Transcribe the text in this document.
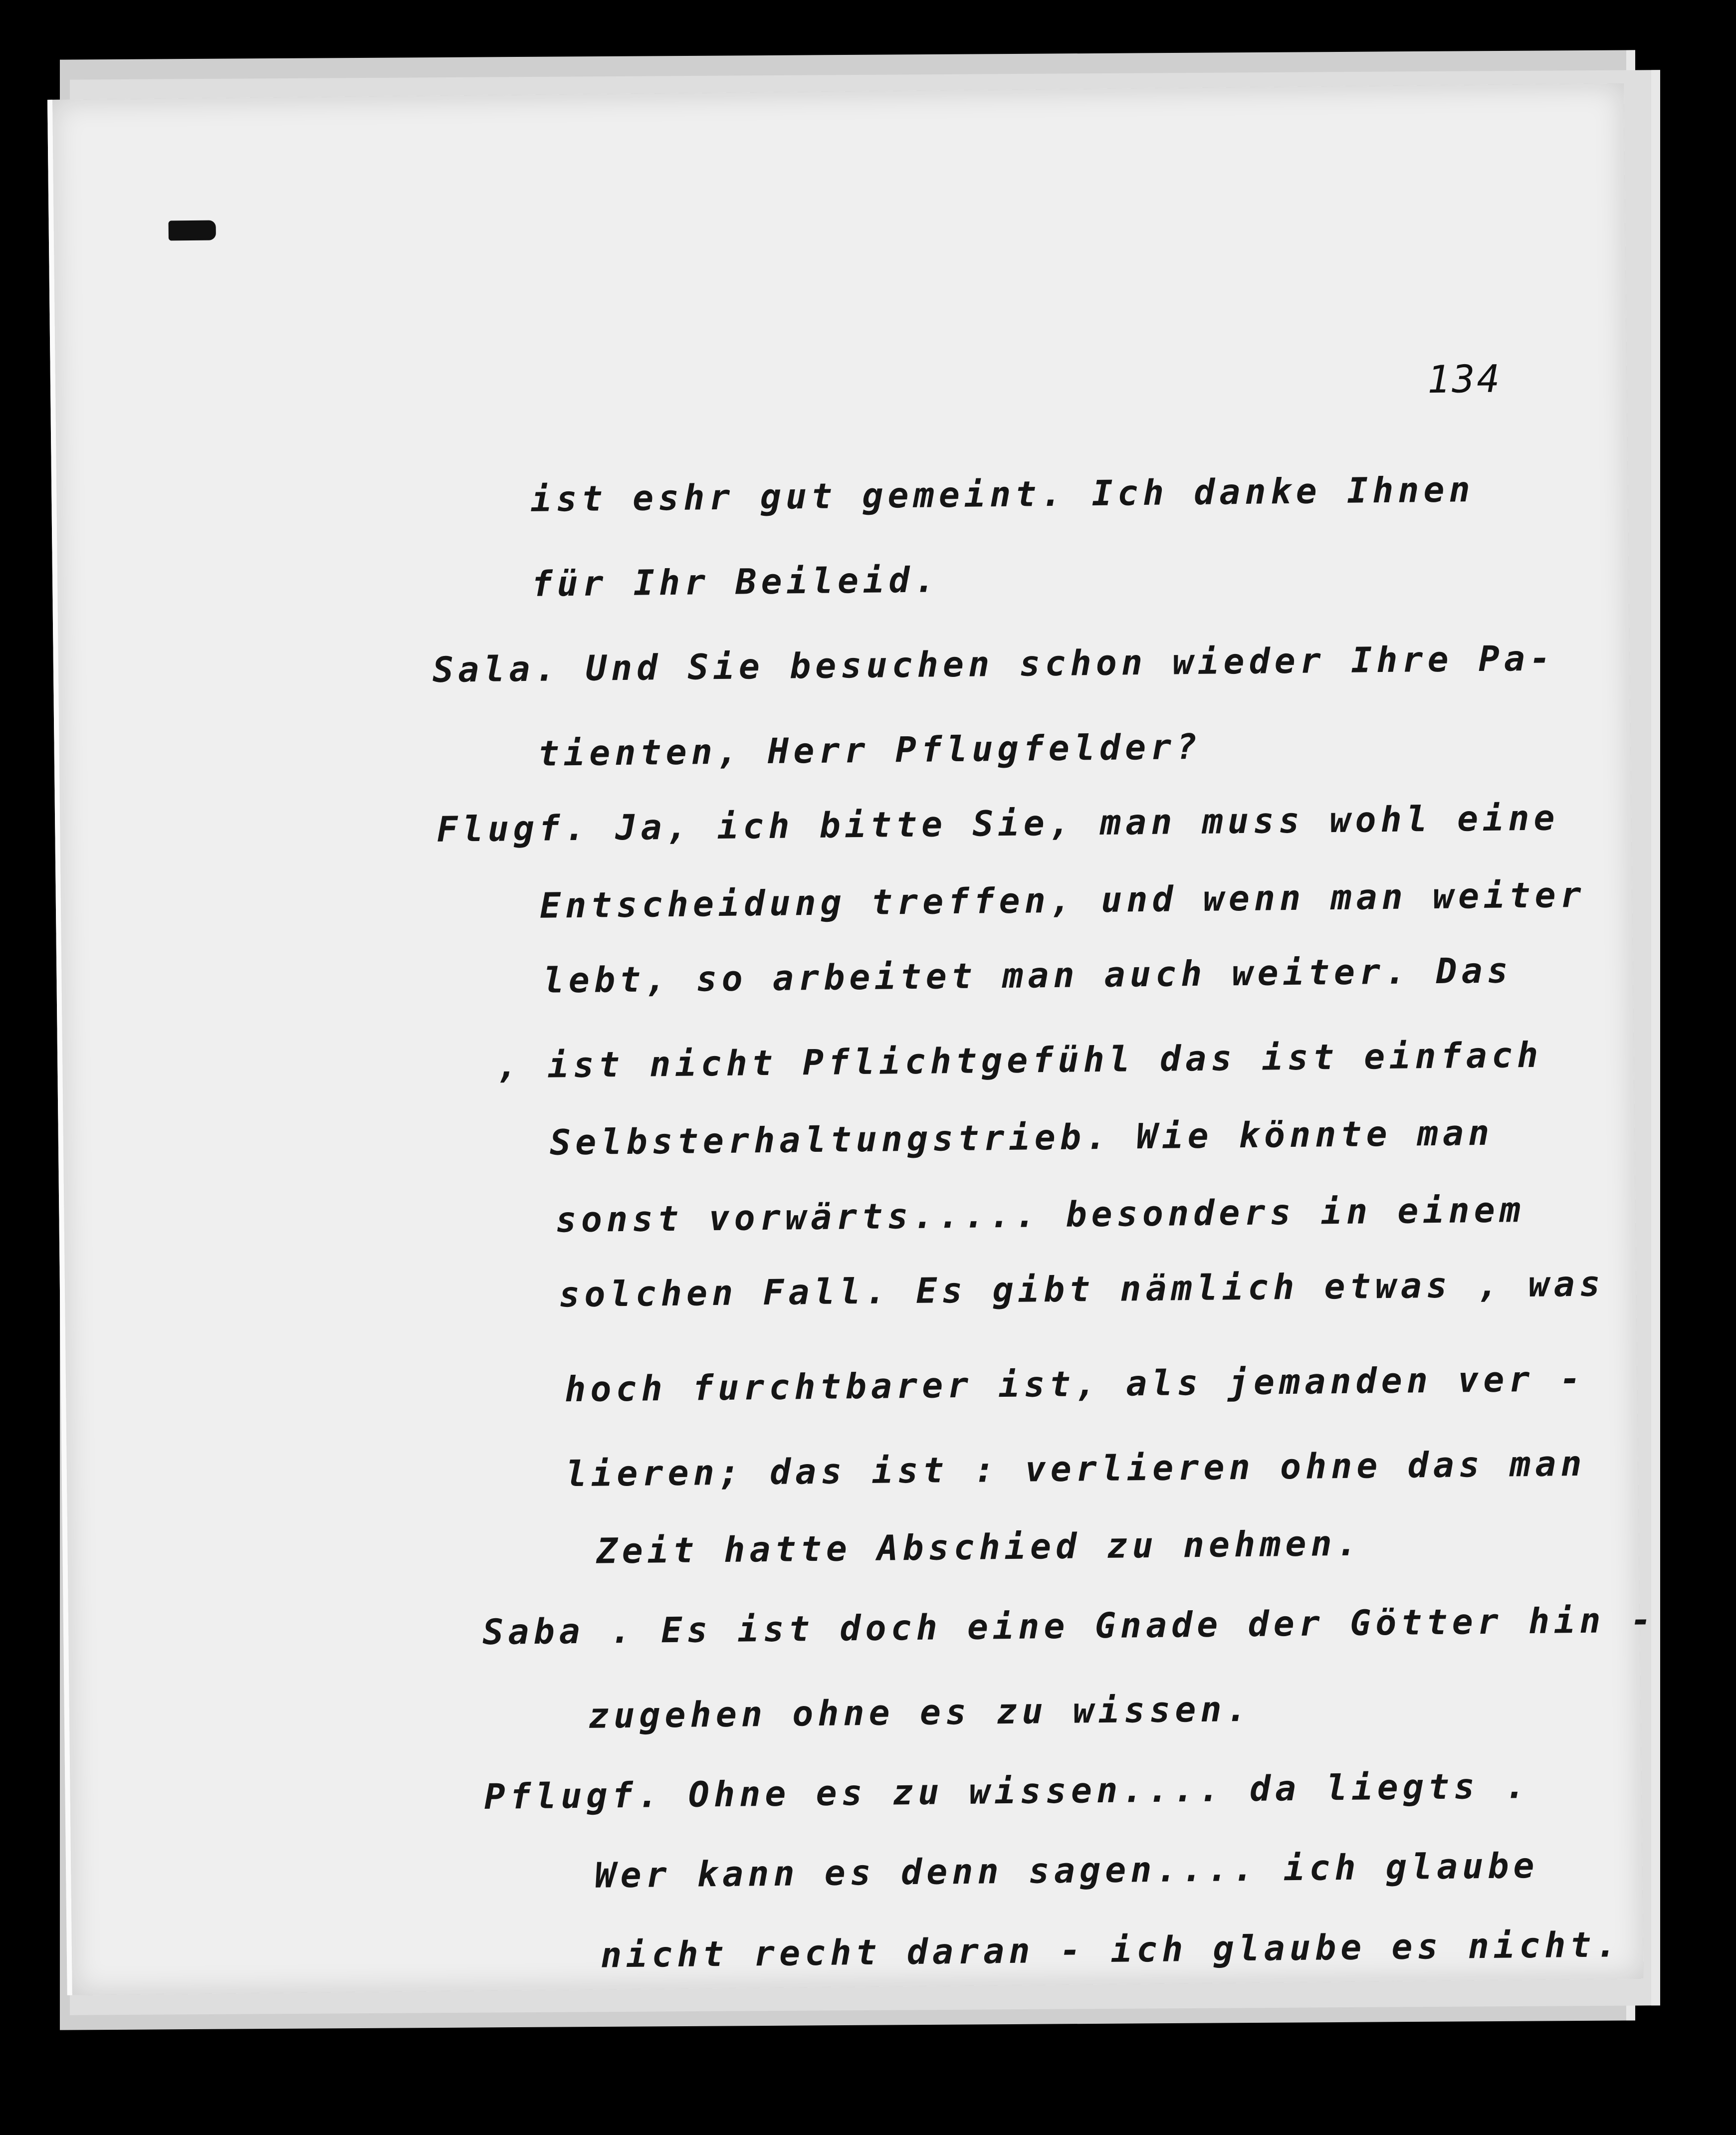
134
ist eshr gut gemeint. Ich danke Ihnen
für Ihr Beileid.
Sala. Und Sie besuchen schon wieder Ihre Pa-
tienten, Herr Pflugfelder?
Flugf. Ja, ich bitte Sie, man muss wohl eine
Entscheidung treffen, und wenn man weiter
lebt, so arbeitet man auch weiter. Das
, ist nicht Pflichtgefühl das ist einfach
Selbsterhaltungstrieb. Wie könnte man
sonst vorwärts..... besonders in einem
solchen Fall. Es gibt nämlich etwas , was
hoch furchtbarer ist, als jemanden ver -
lieren; das ist : verlieren ohne das man
Zeit hatte Abschied zu nehmen.
Saba . Es ist doch eine Gnade der Götter hin -
zugehen ohne es zu wissen.
Pflugf. Ohne es zu wissen.... da liegts .
Wer kann es denn sagen.... ich glaube
nicht recht daran - ich glaube es nicht.
